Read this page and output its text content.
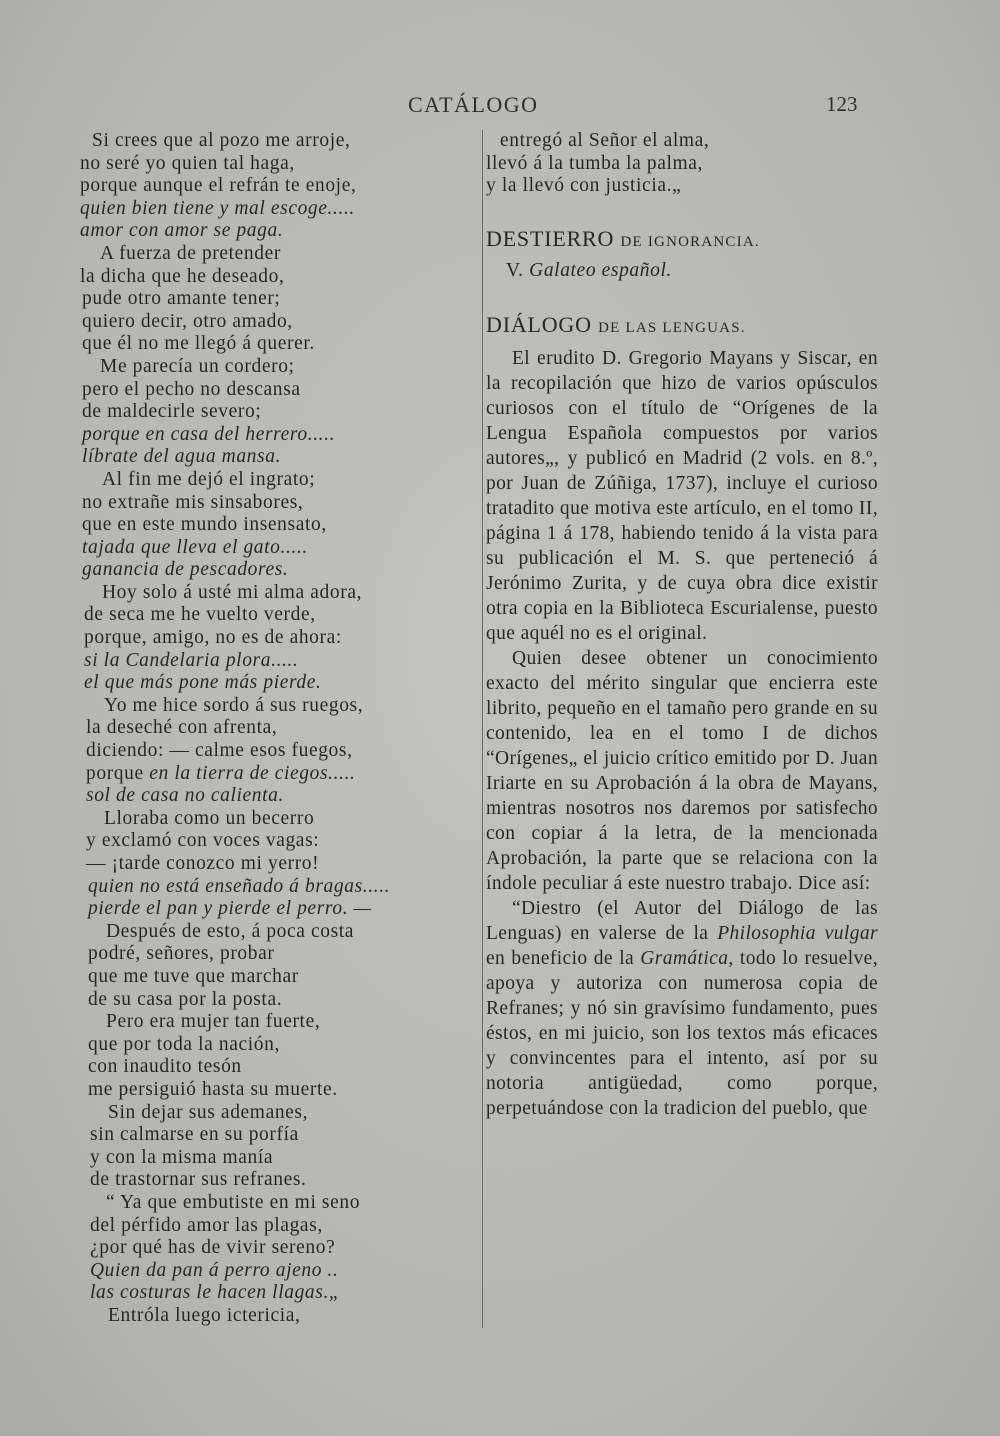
CATÁLOGO	123
Si crees que al pozo me arroje,
no seré yo quien tal haga,
porque aunque el refrán te enoje,
quien bien tiene y mal escoge.....
amor con amor se paga.
A fuerza de pretender
la dicha que he deseado,
pude otro amante tener;
quiero decir, otro amado,
que él no me llegó á querer.
Me parecía un cordero;
pero el pecho no descansa
de maldecirle severo;
porque en casa del herrero.....
líbrate del agua mansa.
Al fin me dejó el ingrato;
no extrañe mis sinsabores,
que en este mundo insensato,
tajada que lleva el gato.....
ganancia de pescadores.
Hoy solo á usté mi alma adora,
de seca me he vuelto verde,
porque, amigo, no es de ahora:
si la Candelaria plora.....
el que más pone más pierde.
Yo me hice sordo á sus ruegos,
la deseché con afrenta,
diciendo: — calme esos fuegos,
porque en la tierra de ciegos.....
sol de casa no calienta.
Lloraba como un becerro
y exclamó con voces vagas:
— ¡tarde conozco mi yerro!
quien no está enseñado á bragas.....
pierde el pan y pierde el perro. —
Después de esto, á poca costa
podré, señores, probar
que me tuve que marchar
de su casa por la posta.
Pero era mujer tan fuerte,
que por toda la nación,
con inaudito tesón
me persiguió hasta su muerte.
Sin dejar sus ademanes,
sin calmarse en su porfía
y con la misma manía
de trastornar sus refranes.
“ Ya que embutiste en mi seno
del pérfido amor las plagas,
¿por qué has de vivir sereno?
Quien da pan á perro ajeno ..
las costuras le hacen llagas.„
Entróla luego ictericia,
entregó al Señor el alma,
llevó á la tumba la palma,
y la llevó con justicia.„
DESTIERRO DE IGNORANCIA.
V. Galateo español.
DIÁLOGO DE LAS LENGUAS.

El erudito D. Gregorio Mayans y Siscar, en la recopilación que hizo de varios opúsculos curiosos con el título de “Orígenes de la Lengua Española compuestos por varios autores„, y publicó en Madrid (2 vols. en 8.º, por Juan de Zúñiga, 1737), incluye el curioso tratadito que motiva este artículo, en el tomo II, página 1 á 178, habiendo tenido á la vista para su publicación el M. S. que perteneció á Jerónimo Zurita, y de cuya obra dice existir otra copia en la Biblioteca Escurialense, puesto que aquél no es el original.

Quien desee obtener un conocimiento exacto del mérito singular que encierra este librito, pequeño en el tamaño pero grande en su contenido, lea en el tomo I de dichos “Orígenes„ el juicio crítico emitido por D. Juan Iriarte en su Aprobación á la obra de Mayans, mientras nosotros nos daremos por satisfecho con copiar á la letra, de la mencionada Aprobación, la parte que se relaciona con la índole peculiar á este nuestro trabajo. Dice así:

“Diestro (el Autor del Diálogo de las Lenguas) en valerse de la Philosophia vulgar en beneficio de la Gramática, todo lo resuelve, apoya y autoriza con numerosa copia de Refranes; y nó sin gravísimo fundamento, pues éstos, en mi juicio, son los textos más eficaces y convincentes para el intento, así por su notoria antigüedad, como porque, perpetuándose con la tradicion del pueblo, que
